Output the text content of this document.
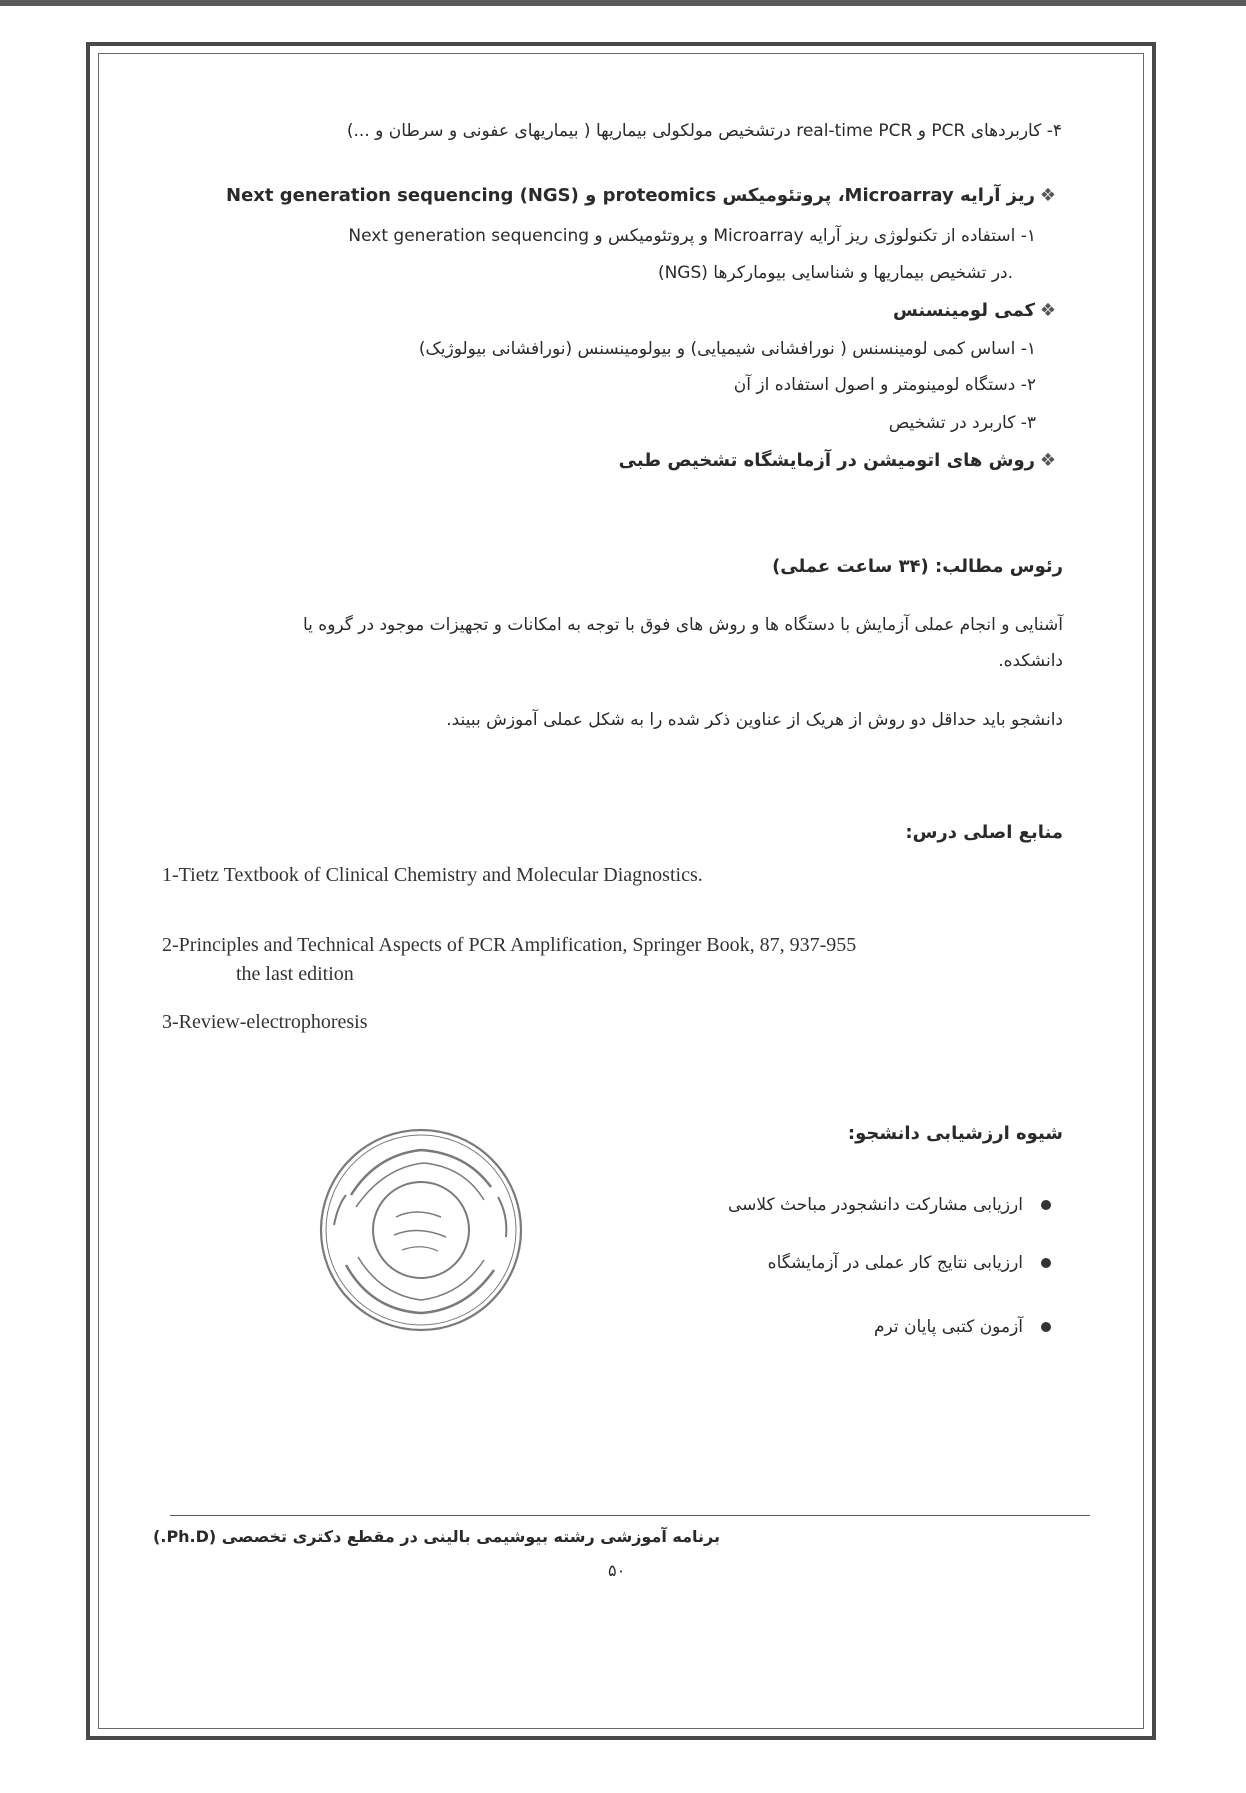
۴- کاربردهای PCR و real-time PCR درتشخیص مولکولی بیماریها ( بیماریهای عفونی و سرطان و ...)

❖ریز آرایه Microarray، پروتئومیکس proteomics و Next generation sequencing (NGS)

۱- استفاده از تکنولوژی ریز آرایه Microarray و پروتئومیکس و Next generation sequencing

(NGS) در تشخیص بیماریها و شناسایی بیومارکرها.

❖کمی لومینسنس

۱- اساس کمی لومینسنس ( نورافشانی شیمیایی) و بیولومینسنس (نورافشانی بیولوژیک)

۲- دستگاه لومینومتر و اصول استفاده از آن

۳- کاربرد در تشخیص

❖روش های اتومیشن در آزمایشگاه تشخیص طبی

رئوس مطالب: (۳۴ ساعت عملی)

آشنایی و انجام عملی آزمایش با دستگاه ها و روش های فوق با توجه به امکانات و تجهیزات موجود در گروه یا

دانشکده.

دانشجو باید حداقل دو روش از هریک از عناوین ذکر شده را به شکل عملی آموزش ببیند.

منابع اصلی درس:

1-Tietz Textbook of Clinical Chemistry and Molecular Diagnostics.

2-Principles and Technical Aspects of PCR Amplification, Springer Book, 87, 937-955

the last edition

3-Review-electrophoresis

شیوه ارزشیابی دانشجو:

ارزیابی مشارکت دانشجودر مباحث کلاسی

ارزیابی نتایج کار عملی در آزمایشگاه

آزمون کتبی پایان ترم

برنامه آموزشی رشته بیوشیمی بالینی در مقطع دکتری تخصصی (Ph.D.)

۵۰
